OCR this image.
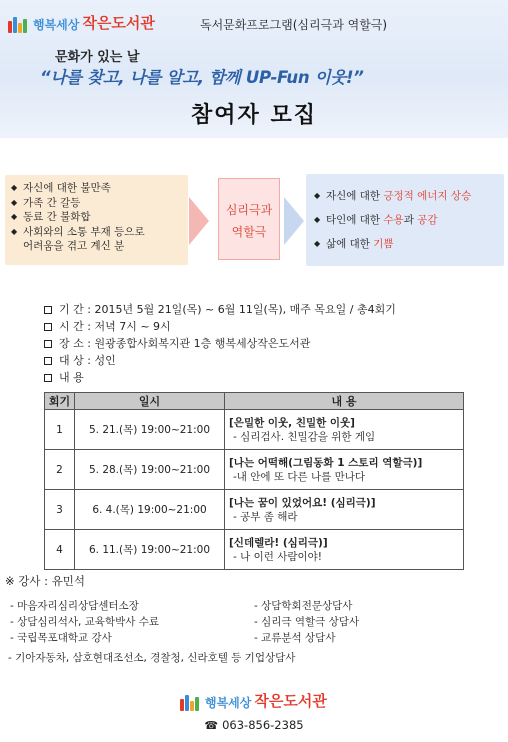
행복세상 작은도서관	독서문화프로그램(심리극과 역할극)
문화가 있는 날
“나를 찾고, 나를 알고, 함께 UP-Fun 이웃!”
참여자 모집
◆ 자신에 대한 불만족
◆ 가족 간 갈등
◆ 동료 간 불화합
◆ 사회와의 소통 부재 등으로
어려움을 겪고 계신 분
심리극과
역할극
◆ 자신에 대한 긍정적 에너지 상승
◆ 타인에 대한 수용과 공감
◆ 삶에 대한 기쁨
기 간
: 2015년 5월 21일(목) ~ 6월 11일(목), 매주 목요일 / 총4회기
시 간
: 저녁 7시 ~ 9시
장 소
: 원광종합사회복지관 1층 행복세상작은도서관
대 상
: 성인
내 용
회기	일시	내 용
1	5. 21.(목) 19:00~21:00	[은밀한 이웃, 친밀한 이웃]
- 심리검사. 친밀감을 위한 게임

2	5. 28.(목) 19:00~21:00	[나는 어떡해(그림동화 1 스토리 역할극)]
-내 안에 또 다른 나를 만나다

3	6. 4.(목) 19:00~21:00	[나는 꿈이 있었어요! (심리극)]
- 공부 좀 해라

4	6. 11.(목) 19:00~21:00	[신데렐라! (심리극)]
- 나 이런 사람이야!
※ 강사 : 유민석
- 마음자리심리상담센터소장
- 상담심리석사, 교육학박사 수료
- 국립목포대학교 강사
- 상담학회전문상담사
- 심리극 역할극 상담사
- 교류분석 상담사
- 기아자동차, 삼호현대조선소, 경찰청, 신라호텔 등 기업상담사
행복세상 작은도서관
☎ 063-856-2385
